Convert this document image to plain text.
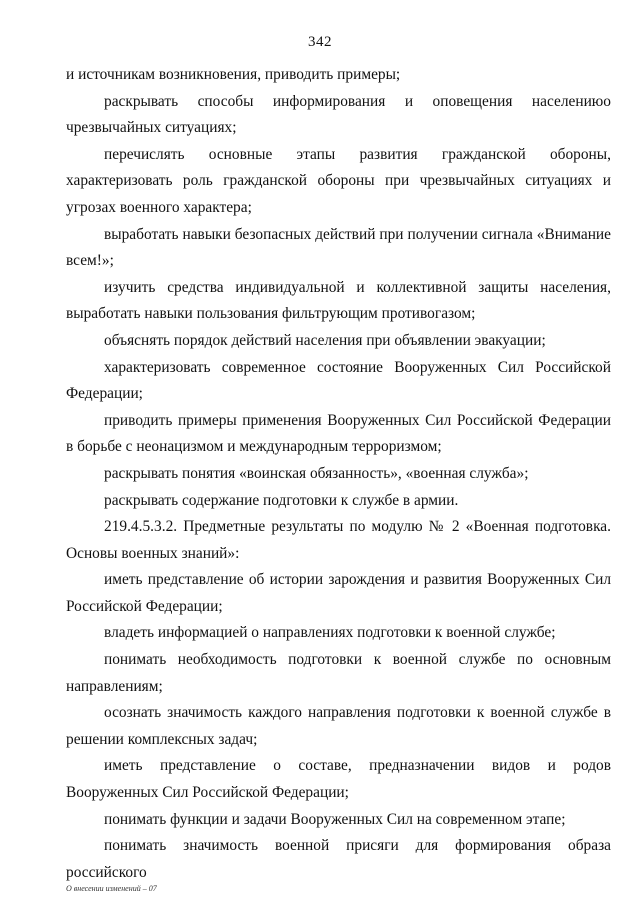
342

и источникам возникновения, приводить примеры;

раскрывать способы информирования и оповещения населениюо чрезвычайных ситуациях;

перечислять основные этапы развития гражданской обороны, характеризовать роль гражданской обороны при чрезвычайных ситуациях и угрозах военного характера;

выработать навыки безопасных действий при получении сигнала «Внимание всем!»;

изучить средства индивидуальной и коллективной защиты населения, выработать навыки пользования фильтрующим противогазом;

объяснять порядок действий населения при объявлении эвакуации;

характеризовать современное состояние Вооруженных Сил Российской Федерации;

приводить примеры применения Вооруженных Сил Российской Федерации в борьбе с неонацизмом и международным терроризмом;

раскрывать понятия «воинская обязанность», «военная служба»;

раскрывать содержание подготовки к службе в армии.

219.4.5.3.2. Предметные результаты по модулю № 2 «Военная подготовка. Основы военных знаний»:

иметь представление об истории зарождения и развития Вооруженных Сил Российской Федерации;

владеть информацией о направлениях подготовки к военной службе;

понимать необходимость подготовки к военной службе по основным направлениям;

осознать значимость каждого направления подготовки к военной службе в решении комплексных задач;

иметь представление о составе, предназначении видов и родов Вооруженных Сил Российской Федерации;

понимать функции и задачи Вооруженных Сил на современном этапе;

понимать значимость военной присяги для формирования образа российского

О внесении изменений – 07
